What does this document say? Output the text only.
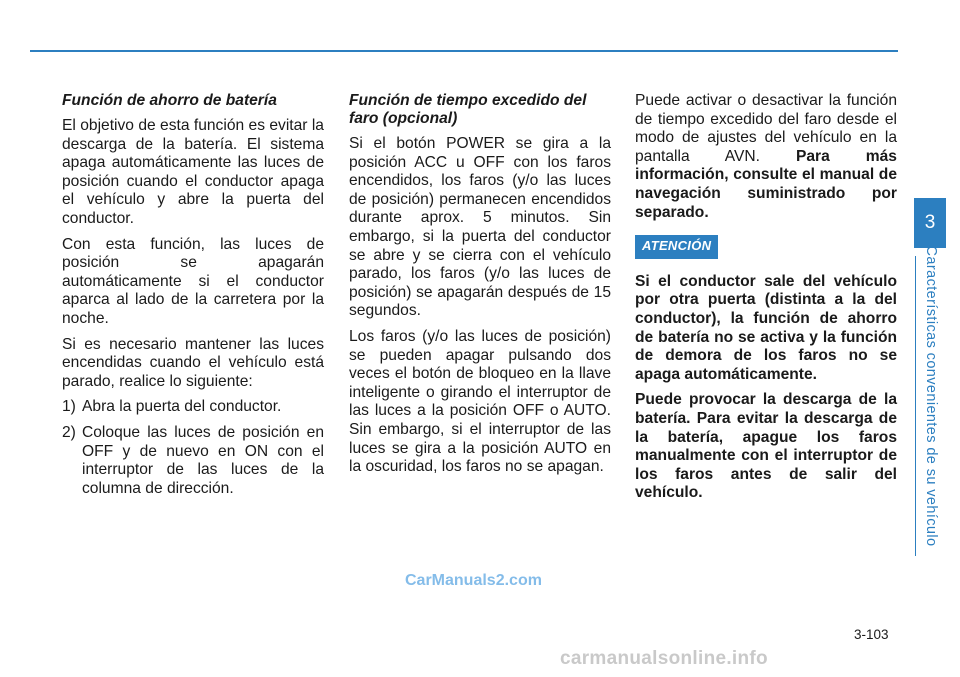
Función de ahorro de batería

El objetivo de esta función es evitar la descarga de la batería. El sistema apaga automáticamente las luces de posición cuando el conductor apaga el vehículo y abre la puerta del conductor.

Con esta función, las luces de posición se apagarán automáticamente si el conductor aparca al lado de la carretera por la noche.

Si es necesario mantener las luces encendidas cuando el vehículo está parado, realice lo siguiente:

1) Abra la puerta del conductor.
2) Coloque las luces de posición en OFF y de nuevo en ON con el interruptor de las luces de la columna de dirección.
Función de tiempo excedido del faro (opcional)

Si el botón POWER se gira a la posición ACC u OFF con los faros encendidos, los faros (y/o las luces de posición) permanecen encendidos durante aprox. 5 minutos. Sin embargo, si la puerta del conductor se abre y se cierra con el vehículo parado, los faros (y/o las luces de posición) se apagarán después de 15 segundos.

Los faros (y/o las luces de posición) se pueden apagar pulsando dos veces el botón de bloqueo en la llave inteligente o girando el interruptor de las luces a la posición OFF o AUTO. Sin embargo, si el interruptor de las luces se gira a la posición AUTO en la oscuridad, los faros no se apagan.

Puede activar o desactivar la función de tiempo excedido del faro desde el modo de ajustes del vehículo en la pantalla AVN. Para más información, consulte el manual de navegación suministrado por separado.

ATENCIÓN

Si el conductor sale del vehículo por otra puerta (distinta a la del conductor), la función de ahorro de batería no se activa y la función de demora de los faros no se apaga automáticamente.

Puede provocar la descarga de la batería. Para evitar la descarga de la batería, apague los faros manualmente con el interruptor de los faros antes de salir del vehículo.

3
Características convenientes de su vehículo
3-103
CarManuals2.com
carmanualsonline.info
